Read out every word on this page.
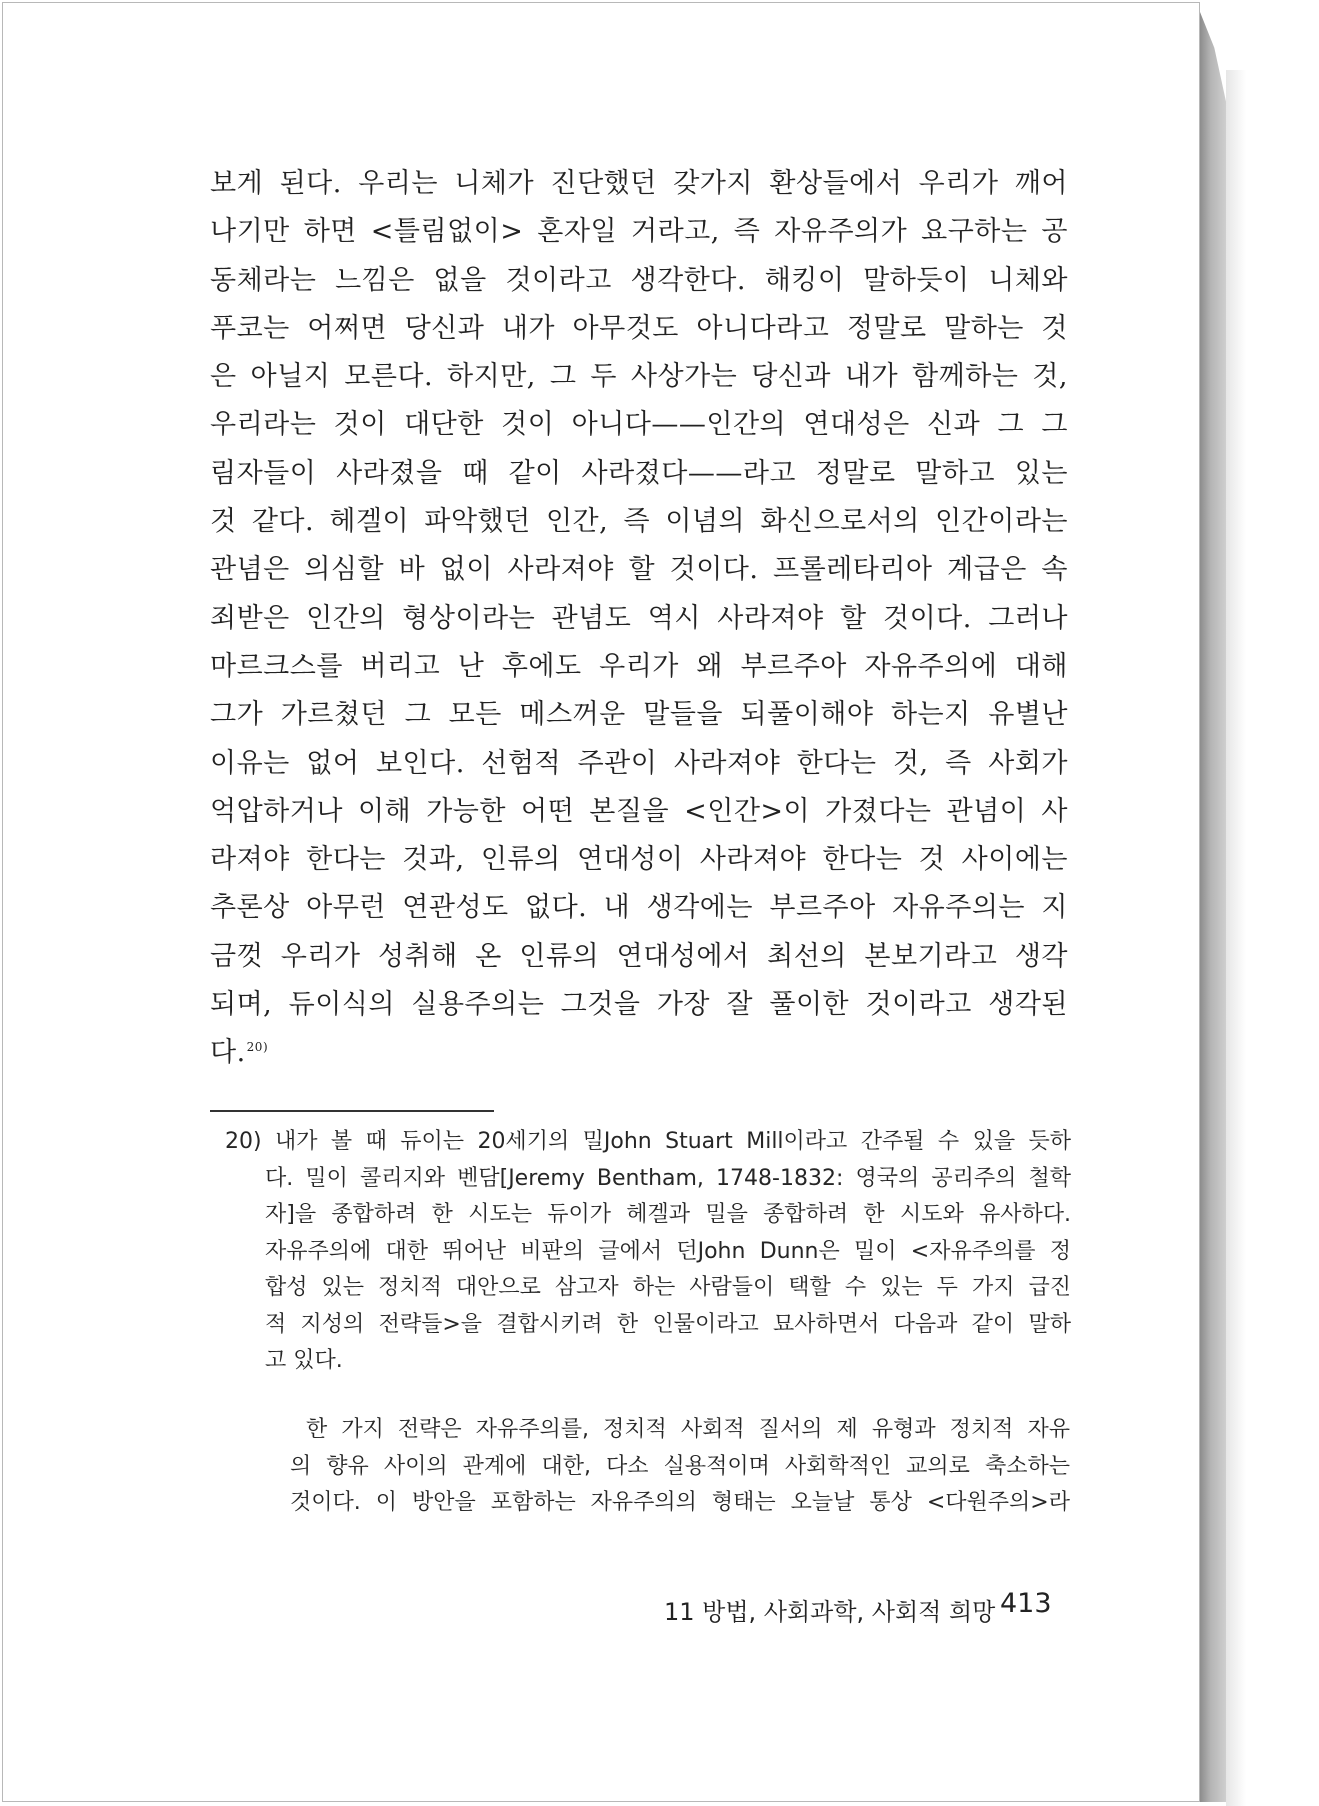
보게 된다. 우리는 니체가 진단했던 갖가지 환상들에서 우리가 깨어
나기만 하면 <틀림없이> 혼자일 거라고, 즉 자유주의가 요구하는 공
동체라는 느낌은 없을 것이라고 생각한다. 해킹이 말하듯이 니체와
푸코는 어쩌면 당신과 내가 아무것도 아니다라고 정말로 말하는 것
은 아닐지 모른다. 하지만, 그 두 사상가는 당신과 내가 함께하는 것,
우리라는 것이 대단한 것이 아니다——인간의 연대성은 신과 그 그
림자들이 사라졌을 때 같이 사라졌다——라고 정말로 말하고 있는
것 같다. 헤겔이 파악했던 인간, 즉 이념의 화신으로서의 인간이라는
관념은 의심할 바 없이 사라져야 할 것이다. 프롤레타리아 계급은 속
죄받은 인간의 형상이라는 관념도 역시 사라져야 할 것이다. 그러나
마르크스를 버리고 난 후에도 우리가 왜 부르주아 자유주의에 대해
그가 가르쳤던 그 모든 메스꺼운 말들을 되풀이해야 하는지 유별난
이유는 없어 보인다. 선험적 주관이 사라져야 한다는 것, 즉 사회가
억압하거나 이해 가능한 어떤 본질을 <인간>이 가졌다는 관념이 사
라져야 한다는 것과, 인류의 연대성이 사라져야 한다는 것 사이에는
추론상 아무런 연관성도 없다. 내 생각에는 부르주아 자유주의는 지
금껏 우리가 성취해 온 인류의 연대성에서 최선의 본보기라고 생각
되며, 듀이식의 실용주의는 그것을 가장 잘 풀이한 것이라고 생각된
다.$^{20)}$
20) 내가 볼 때 듀이는 20세기의 밀John Stuart Mill이라고 간주될 수 있을 듯하
다. 밀이 콜리지와 벤담[Jeremy Bentham, 1748-1832: 영국의 공리주의 철학
자]을 종합하려 한 시도는 듀이가 헤겔과 밀을 종합하려 한 시도와 유사하다.
자유주의에 대한 뛰어난 비판의 글에서 던John Dunn은 밀이 <자유주의를 정
합성 있는 정치적 대안으로 삼고자 하는 사람들이 택할 수 있는 두 가지 급진
적 지성의 전략들>을 결합시키려 한 인물이라고 묘사하면서 다음과 같이 말하
고 있다.
한 가지 전략은 자유주의를, 정치적 사회적 질서의 제 유형과 정치적 자유
의 향유 사이의 관계에 대한, 다소 실용적이며 사회학적인 교의로 축소하는
것이다. 이 방안을 포함하는 자유주의의 형태는 오늘날 통상 <다원주의>라
11 방법, 사회과학, 사회적 희망 413
